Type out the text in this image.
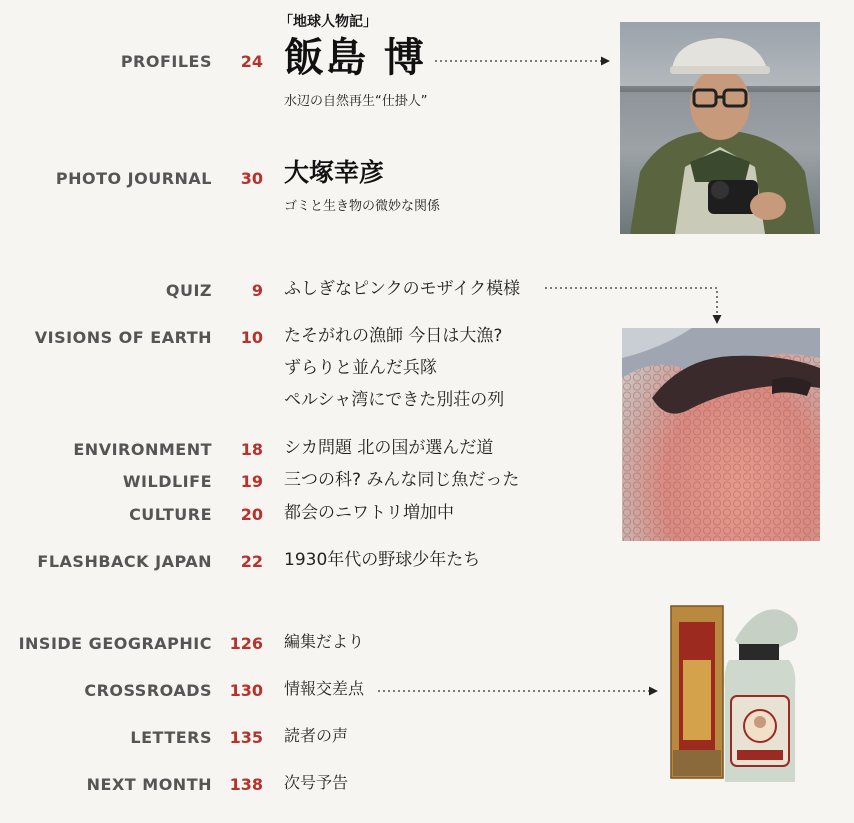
PROFILES	24
「地球人物記」
飯島 博
水辺の自然再生“仕掛人”
PHOTO JOURNAL	30 大塚幸彦
ゴミと生き物の微妙な関係
QUIZ	9 ふしぎなピンクのモザイク模様
VISIONS OF EARTH	10 たそがれの漁師 今日は大漁?
ずらりと並んだ兵隊
ペルシャ湾にできた別荘の列
ENVIRONMENT	18 シカ問題 北の国が選んだ道
WILDLIFE	19 三つの科? みんな同じ魚だった
CULTURE	20 都会のニワトリ増加中
FLASHBACK JAPAN	22 1930年代の野球少年たち
INSIDE GEOGRAPHIC 126 編集だより
CROSSROADS 130 情報交差点
LETTERS 135 読者の声
NEXT MONTH 138 次号予告
